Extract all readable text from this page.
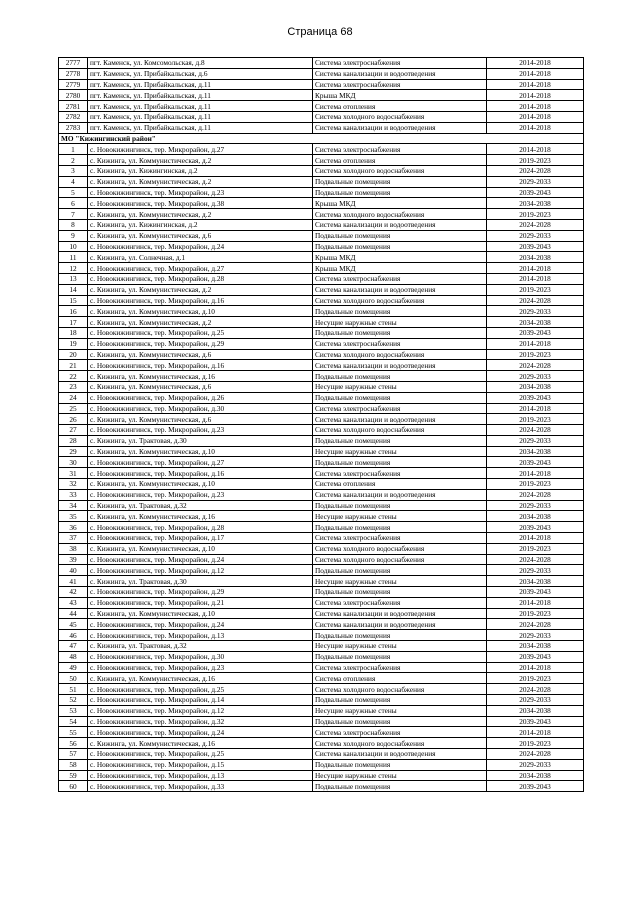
Страница 68
2777	пгт. Каменск, ул. Комсомольская, д.8	Система электроснабжения	2014-2018
2778	пгт. Каменск, ул. Прибайкальская, д.6	Система канализации и водоотведения	2014-2018
2779	пгт. Каменск, ул. Прибайкальская, д.11	Система электроснабжения	2014-2018
2780	пгт. Каменск, ул. Прибайкальская, д.11	Крыша МКД	2014-2018
2781	пгт. Каменск, ул. Прибайкальская, д.11	Система отопления	2014-2018
2782	пгт. Каменск, ул. Прибайкальская, д.11	Система холодного водоснабжения	2014-2018
2783	пгт. Каменск, ул. Прибайкальская, д.11	Система канализации и водоотведения	2014-2018
МО "Кижингинский район"			
1	с. Новокижингинск, тер. Микрорайон, д.27	Система электроснабжения	2014-2018
2	с. Кижинга, ул. Коммунистическая, д.2	Система отопления	2019-2023
3	с. Кижинга, ул. Кижингинская, д.2	Система холодного водоснабжения	2024-2028
4	с. Кижинга, ул. Коммунистическая, д.2	Подвальные помещения	2029-2033
5	с. Новокижингинск, тер. Микрорайон, д.23	Подвальные помещения	2039-2043
6	с. Новокижингинск, тер. Микрорайон, д.38	Крыша МКД	2034-2038
7	с. Кижинга, ул. Коммунистическая, д.2	Система холодного водоснабжения	2019-2023
8	с. Кижинга, ул. Кижингинская, д.2	Система канализации и водоотведения	2024-2028
9	с. Кижинга, ул. Коммунистическая, д.6	Подвальные помещения	2029-2033
10	с. Новокижингинск, тер. Микрорайон, д.24	Подвальные помещения	2039-2043
11	с. Кижинга, ул. Солнечная, д.1	Крыша МКД	2034-2038
12	с. Новокижингинск, тер. Микрорайон, д.27	Крыша МКД	2014-2018
13	с. Новокижингинск, тер. Микрорайон, д.28	Система электроснабжения	2014-2018
14	с. Кижинга, ул. Коммунистическая, д.2	Система канализации и водоотведения	2019-2023
15	с. Новокижингинск, тер. Микрорайон, д.16	Система холодного водоснабжения	2024-2028
16	с. Кижинга, ул. Коммунистическая, д.10	Подвальные помещения	2029-2033
17	с. Кижинга, ул. Коммунистическая, д.2	Несущие наружные стены	2034-2038
18	с. Новокижингинск, тер. Микрорайон, д.25	Подвальные помещения	2039-2043
19	с. Новокижингинск, тер. Микрорайон, д.29	Система электроснабжения	2014-2018
20	с. Кижинга, ул. Коммунистическая, д.6	Система холодного водоснабжения	2019-2023
21	с. Новокижингинск, тер. Микрорайон, д.16	Система канализации и водоотведения	2024-2028
22	с. Кижинга, ул. Коммунистическая, д.16	Подвальные помещения	2029-2033
23	с. Кижинга, ул. Коммунистическая, д.6	Несущие наружные стены	2034-2038
24	с. Новокижингинск, тер. Микрорайон, д.26	Подвальные помещения	2039-2043
25	с. Новокижингинск, тер. Микрорайон, д.30	Система электроснабжения	2014-2018
26	с. Кижинга, ул. Коммунистическая, д.6	Система канализации и водоотведения	2019-2023
27	с. Новокижингинск, тер. Микрорайон, д.23	Система холодного водоснабжения	2024-2028
28	с. Кижинга, ул. Трактовая, д.30	Подвальные помещения	2029-2033
29	с. Кижинга, ул. Коммунистическая, д.10	Несущие наружные стены	2034-2038
30	с. Новокижингинск, тер. Микрорайон, д.27	Подвальные помещения	2039-2043
31	с. Новокижингинск, тер. Микрорайон, д.16	Система электроснабжения	2014-2018
32	с. Кижинга, ул. Коммунистическая, д.10	Система отопления	2019-2023
33	с. Новокижингинск, тер. Микрорайон, д.23	Система канализации и водоотведения	2024-2028
34	с. Кижинга, ул. Трактовая, д.32	Подвальные помещения	2029-2033
35	с. Кижинга, ул. Коммунистическая, д.16	Несущие наружные стены	2034-2038
36	с. Новокижингинск, тер. Микрорайон, д.28	Подвальные помещения	2039-2043
37	с. Новокижингинск, тер. Микрорайон, д.17	Система электроснабжения	2014-2018
38	с. Кижинга, ул. Коммунистическая, д.10	Система холодного водоснабжения	2019-2023
39	с. Новокижингинск, тер. Микрорайон, д.24	Система холодного водоснабжения	2024-2028
40	с. Новокижингинск, тер. Микрорайон, д.12	Подвальные помещения	2029-2033
41	с. Кижинга, ул. Трактовая, д.30	Несущие наружные стены	2034-2038
42	с. Новокижингинск, тер. Микрорайон, д.29	Подвальные помещения	2039-2043
43	с. Новокижингинск, тер. Микрорайон, д.21	Система электроснабжения	2014-2018
44	с. Кижинга, ул. Коммунистическая, д.10	Система канализации и водоотведения	2019-2023
45	с. Новокижингинск, тер. Микрорайон, д.24	Система канализации и водоотведения	2024-2028
46	с. Новокижингинск, тер. Микрорайон, д.13	Подвальные помещения	2029-2033
47	с. Кижинга, ул. Трактовая, д.32	Несущие наружные стены	2034-2038
48	с. Новокижингинск, тер. Микрорайон, д.30	Подвальные помещения	2039-2043
49	с. Новокижингинск, тер. Микрорайон, д.23	Система электроснабжения	2014-2018
50	с. Кижинга, ул. Коммунистическая, д.16	Система отопления	2019-2023
51	с. Новокижингинск, тер. Микрорайон, д.25	Система холодного водоснабжения	2024-2028
52	с. Новокижингинск, тер. Микрорайон, д.14	Подвальные помещения	2029-2033
53	с. Новокижингинск, тер. Микрорайон, д.12	Несущие наружные стены	2034-2038
54	с. Новокижингинск, тер. Микрорайон, д.32	Подвальные помещения	2039-2043
55	с. Новокижингинск, тер. Микрорайон, д.24	Система электроснабжения	2014-2018
56	с. Кижинга, ул. Коммунистическая, д.16	Система холодного водоснабжения	2019-2023
57	с. Новокижингинск, тер. Микрорайон, д.25	Система канализации и водоотведения	2024-2028
58	с. Новокижингинск, тер. Микрорайон, д.15	Подвальные помещения	2029-2033
59	с. Новокижингинск, тер. Микрорайон, д.13	Несущие наружные стены	2034-2038
60	с. Новокижингинск, тер. Микрорайон, д.33	Подвальные помещения	2039-2043
